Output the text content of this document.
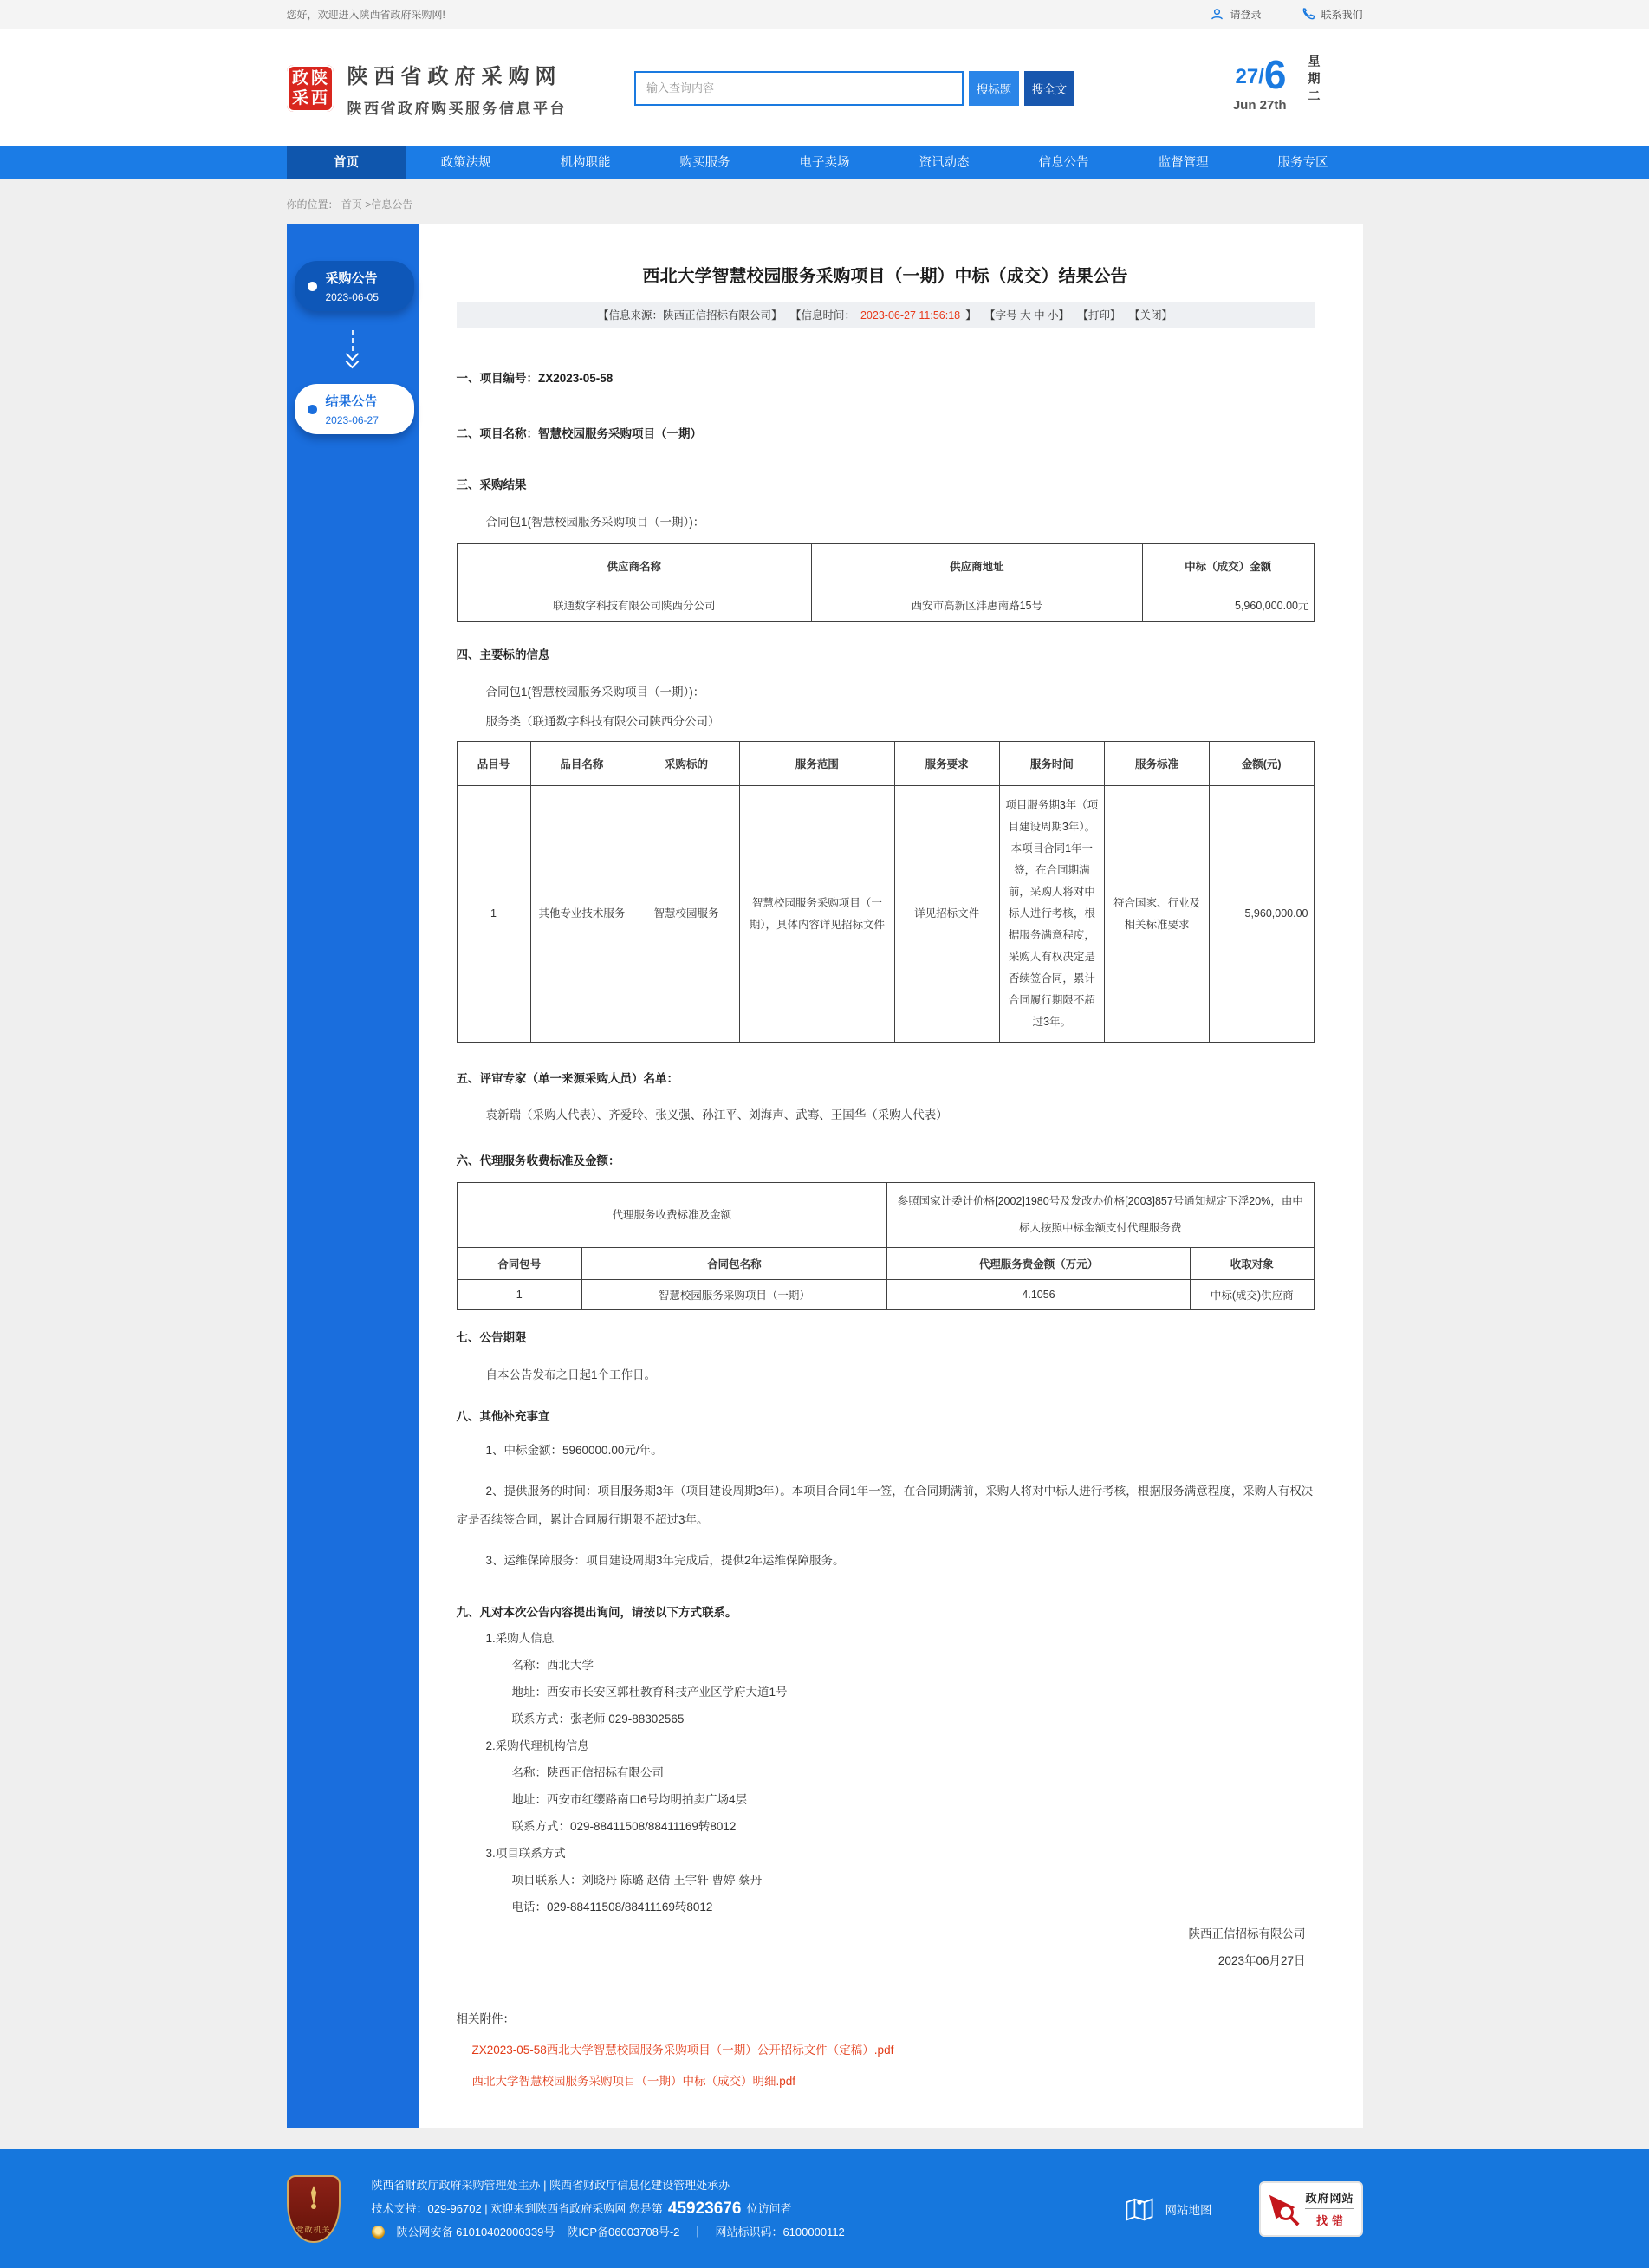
您好，欢迎进入陕西省政府采购网!	请登录	联系我们
政陕
采西
陕西省政府采购网
陕西省政府购买服务信息平台
输入查询内容
搜标题	搜全文
27/ 6
Jun 27th 星期二
首页	政策法规	机构职能	购买服务	电子卖场	资讯动态	信息公告	监督管理	服务专区
你的位置： 首页 >信息公告
采购公告
2023-06-05
结果公告
2023-06-27
西北大学智慧校园服务采购项目（一期）中标（成交）结果公告
【信息来源：陕西正信招标有限公司】 【信息时间： 2023-06-27 11:56:18 】 【字号 大 中 小】 【打印】 【关闭】
一、项目编号：ZX2023-05-58
二、项目名称：智慧校园服务采购项目（一期）
三、采购结果
合同包1(智慧校园服务采购项目（一期）)：
供应商名称	供应商地址	中标（成交）金额
联通数字科技有限公司陕西分公司	西安市高新区沣惠南路15号	5,960,000.00元
四、主要标的信息
合同包1(智慧校园服务采购项目（一期）)：
服务类（联通数字科技有限公司陕西分公司）
品目号	品目名称	采购标的	服务范围	服务要求	服务时间	服务标准	金额(元)
1	其他专业技术服务	智慧校园服务	智慧校园服务采购项目（一期），具体内容详见招标文件	详见招标文件	项目服务期3年（项目建设周期3年）。本项目合同1年一签，在合同期满前，采购人将对中标人进行考核，根据服务满意程度，采购人有权决定是否续签合同，累计合同履行期限不超过3年。	符合国家、行业及相关标准要求	5,960,000.00
五、评审专家（单一来源采购人员）名单：
袁新瑞（采购人代表）、齐爱玲、张义强、孙江平、刘海声、武骞、王国华（采购人代表）
六、代理服务收费标准及金额：
代理服务收费标准及金额		参照国家计委计价格[2002]1980号及发改办价格[2003]857号通知规定下浮20%，由中标人按照中标金额支付代理服务费	
合同包号	合同包名称	代理服务费金额（万元）	收取对象
1	智慧校园服务采购项目（一期）	4.1056	中标(成交)供应商
七、公告期限
自本公告发布之日起1个工作日。
八、其他补充事宜

1、中标金额：5960000.00元/年。

2、提供服务的时间：项目服务期3年（项目建设周期3年）。本项目合同1年一签，在合同期满前，采购人将对中标人进行考核，根据服务满意程度，采购人有权决定是否续签合同，累计合同履行期限不超过3年。

3、运维保障服务：项目建设周期3年完成后，提供2年运维保障服务。

九、凡对本次公告内容提出询问，请按以下方式联系。

1.采购人信息

名称：西北大学

地址：西安市长安区郭杜教育科技产业区学府大道1号

联系方式：张老师 029-88302565

2.采购代理机构信息

名称：陕西正信招标有限公司

地址：西安市红缨路南口6号均明拍卖广场4层

联系方式：029-88411508/88411169转8012

3.项目联系方式

项目联系人：刘晓丹 陈璐 赵倩 王宇轩 曹婷 蔡丹

电话：029-88411508/88411169转8012

陕西正信招标有限公司
2023年06月27日
相关附件：
ZX2023-05-58西北大学智慧校园服务采购项目（一期）公开招标文件（定稿）.pdf
西北大学智慧校园服务采购项目（一期）中标（成交）明细.pdf
党政机关
陕西省财政厅政府采购管理处主办 | 陕西省财政厅信息化建设管理处承办
技术支持：029-96702 | 欢迎来到陕西省政府采购网 您是第 45923676 位访问者
陕公网安备 61010402000339号 陕ICP备06003708号-2 ｜ 网站标识码：6100000112
网站地图
政府网站
找错
